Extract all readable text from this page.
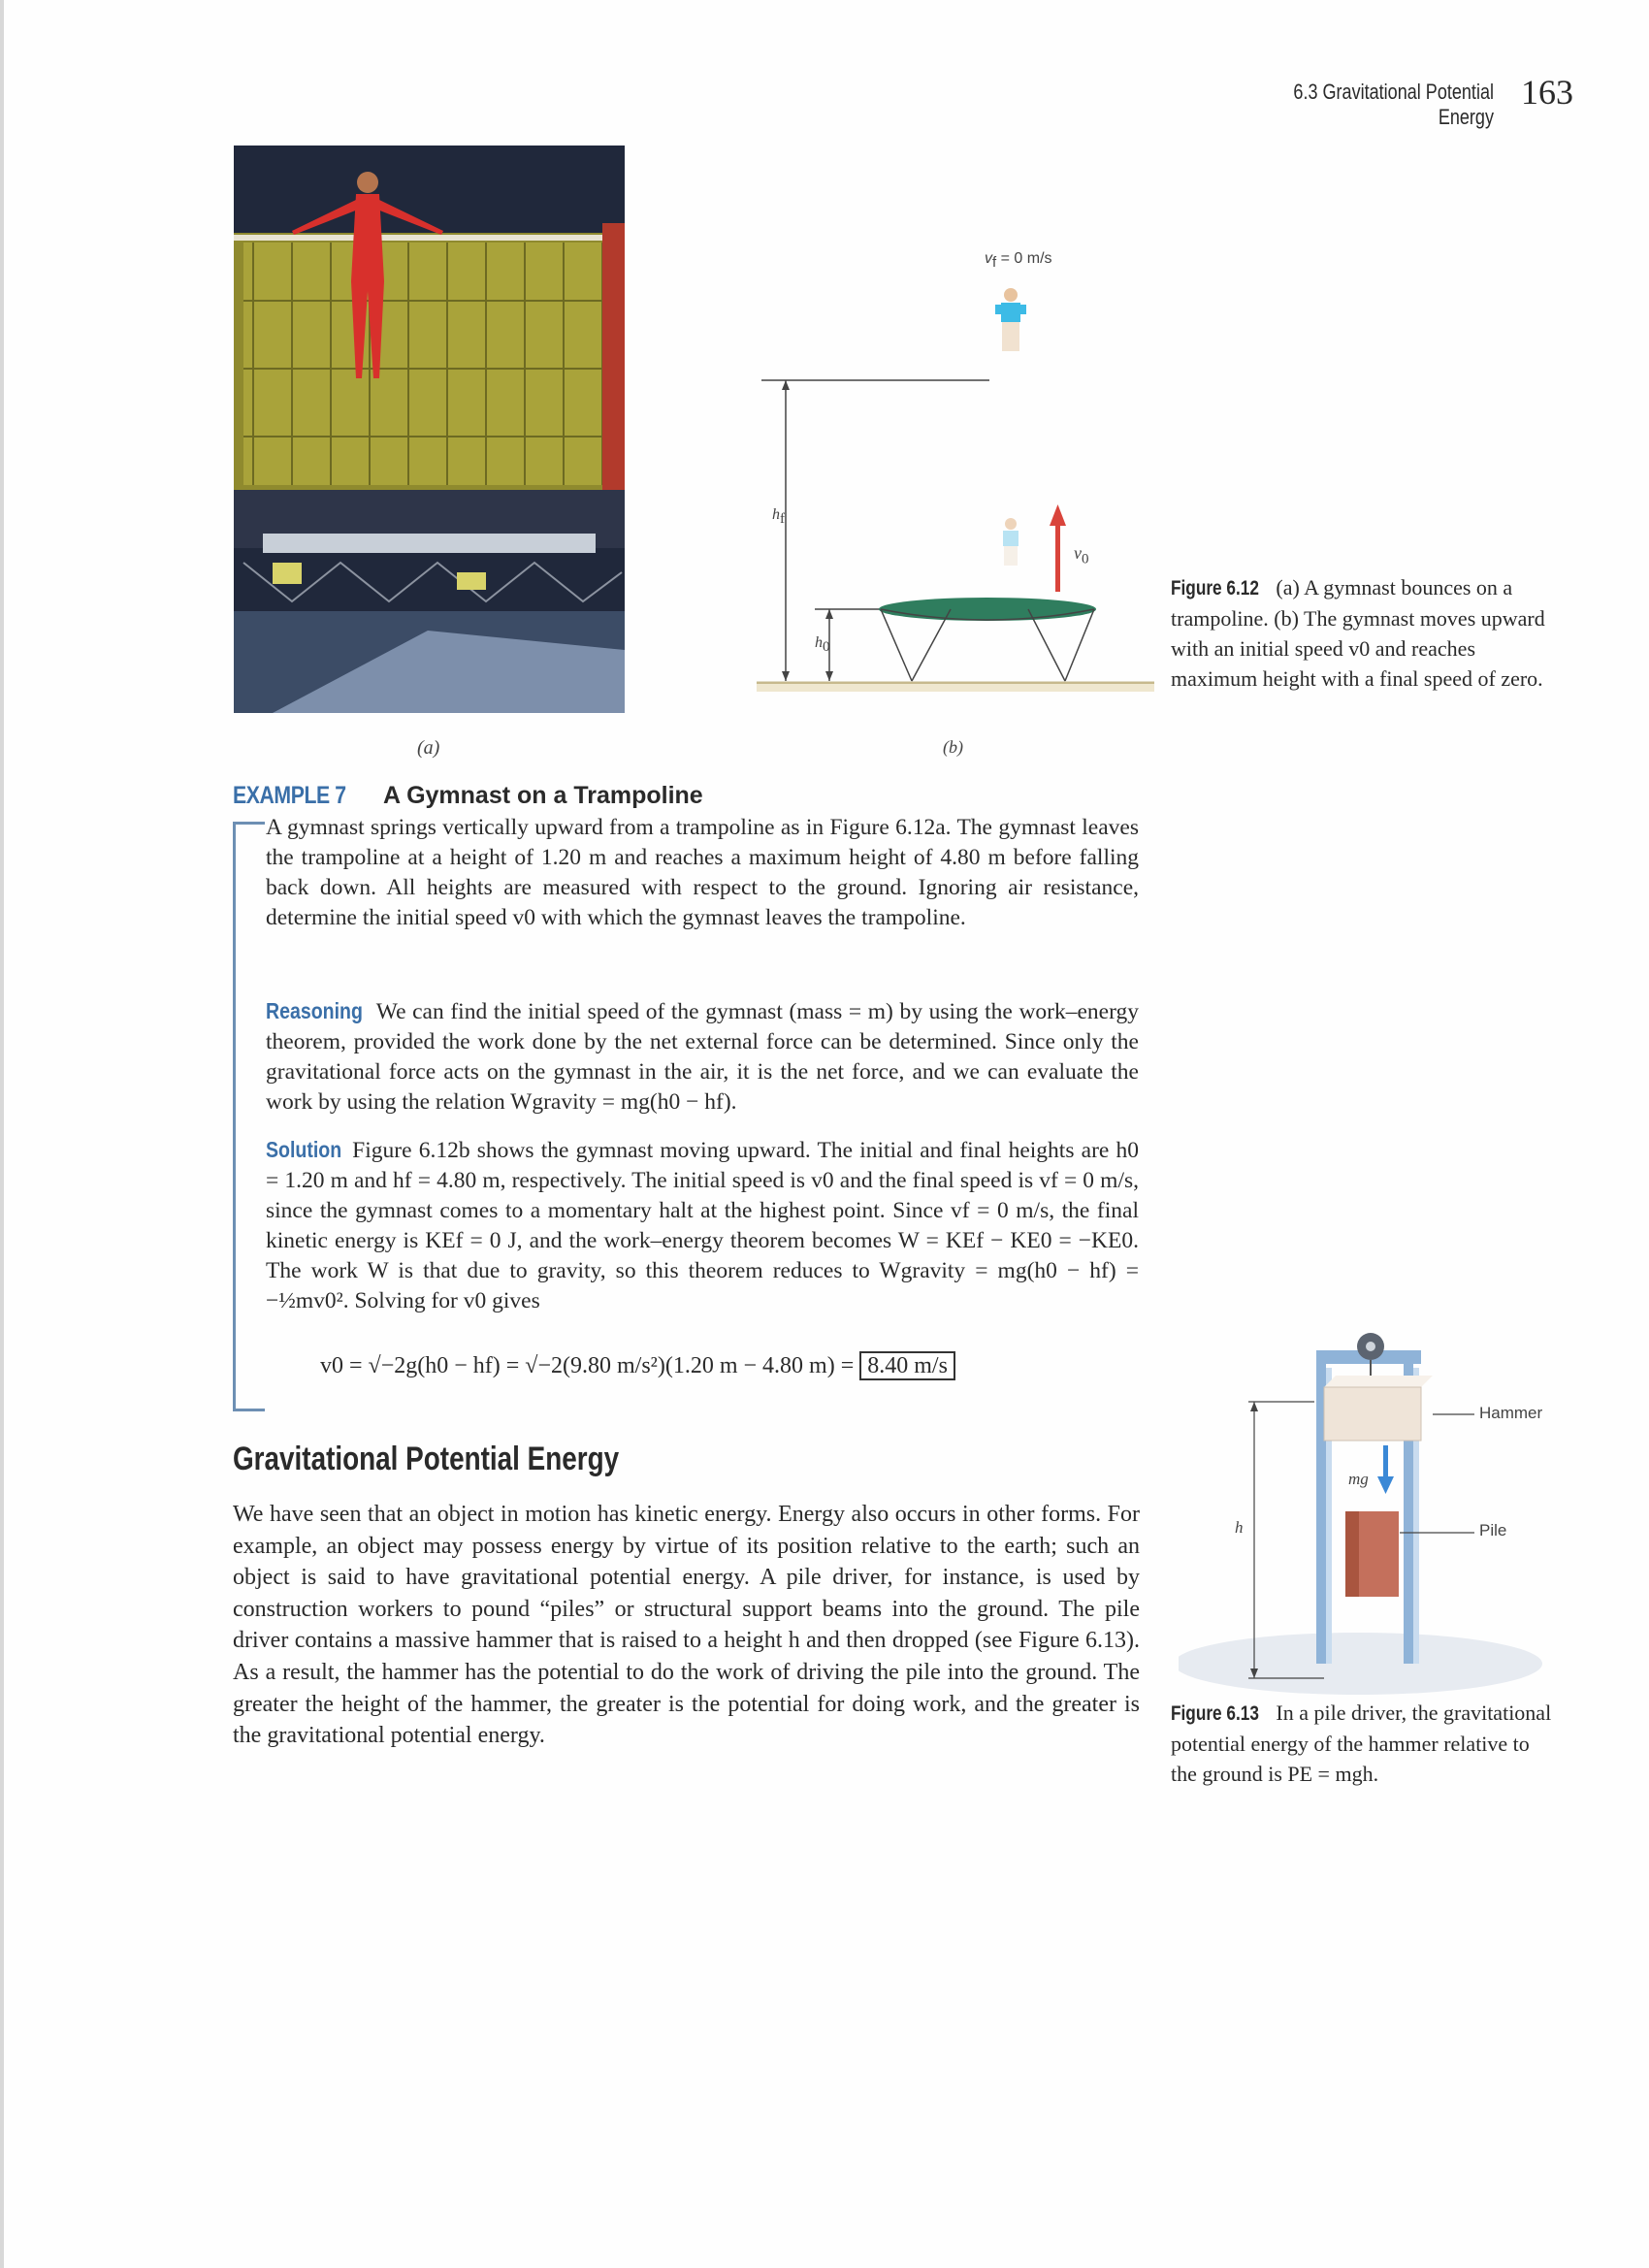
6.3 Gravitational Potential Energy
163
(a)
$v_f = 0$ m/s
$h_f$
$h_0$
$v_0$
(b)
Figure 6.12 (a) A gymnast bounces on a trampoline. (b) The gymnast moves upward with an initial speed v0 and reaches maximum height with a final speed of zero.
EXAMPLE 7 A Gymnast on a Trampoline

A gymnast springs vertically upward from a trampoline as in Figure 6.12a. The gymnast leaves the trampoline at a height of 1.20 m and reaches a maximum height of 4.80 m before falling back down. All heights are measured with respect to the ground. Ignoring air resistance, determine the initial speed v0 with which the gymnast leaves the trampoline.

Reasoning We can find the initial speed of the gymnast (mass = m) by using the work–energy theorem, provided the work done by the net external force can be determined. Since only the gravitational force acts on the gymnast in the air, it is the net force, and we can evaluate the work by using the relation Wgravity = mg(h0 − hf).

Solution Figure 6.12b shows the gymnast moving upward. The initial and final heights are h0 = 1.20 m and hf = 4.80 m, respectively. The initial speed is v0 and the final speed is vf = 0 m/s, since the gymnast comes to a momentary halt at the highest point. Since vf = 0 m/s, the final kinetic energy is KEf = 0 J, and the work–energy theorem becomes W = KEf − KE0 = −KE0. The work W is that due to gravity, so this theorem reduces to Wgravity = mg(h0 − hf) = −½mv0². Solving for v0 gives

v0 = √−2g(h0 − hf) = √−2(9.80 m/s²)(1.20 m − 4.80 m) = 8.40 m/s
Gravitational Potential Energy

We have seen that an object in motion has kinetic energy. Energy also occurs in other forms. For example, an object may possess energy by virtue of its position relative to the earth; such an object is said to have gravitational potential energy. A pile driver, for instance, is used by construction workers to pound “piles” or structural support beams into the ground. The pile driver contains a massive hammer that is raised to a height h and then dropped (see Figure 6.13). As a result, the hammer has the potential to do the work of driving the pile into the ground. The greater the height of the hammer, the greater is the potential for doing work, and the greater is the gravitational potential energy.

Hammer
Pile
mg
h
Figure 6.13 In a pile driver, the gravitational potential energy of the hammer relative to the ground is PE = mgh.
